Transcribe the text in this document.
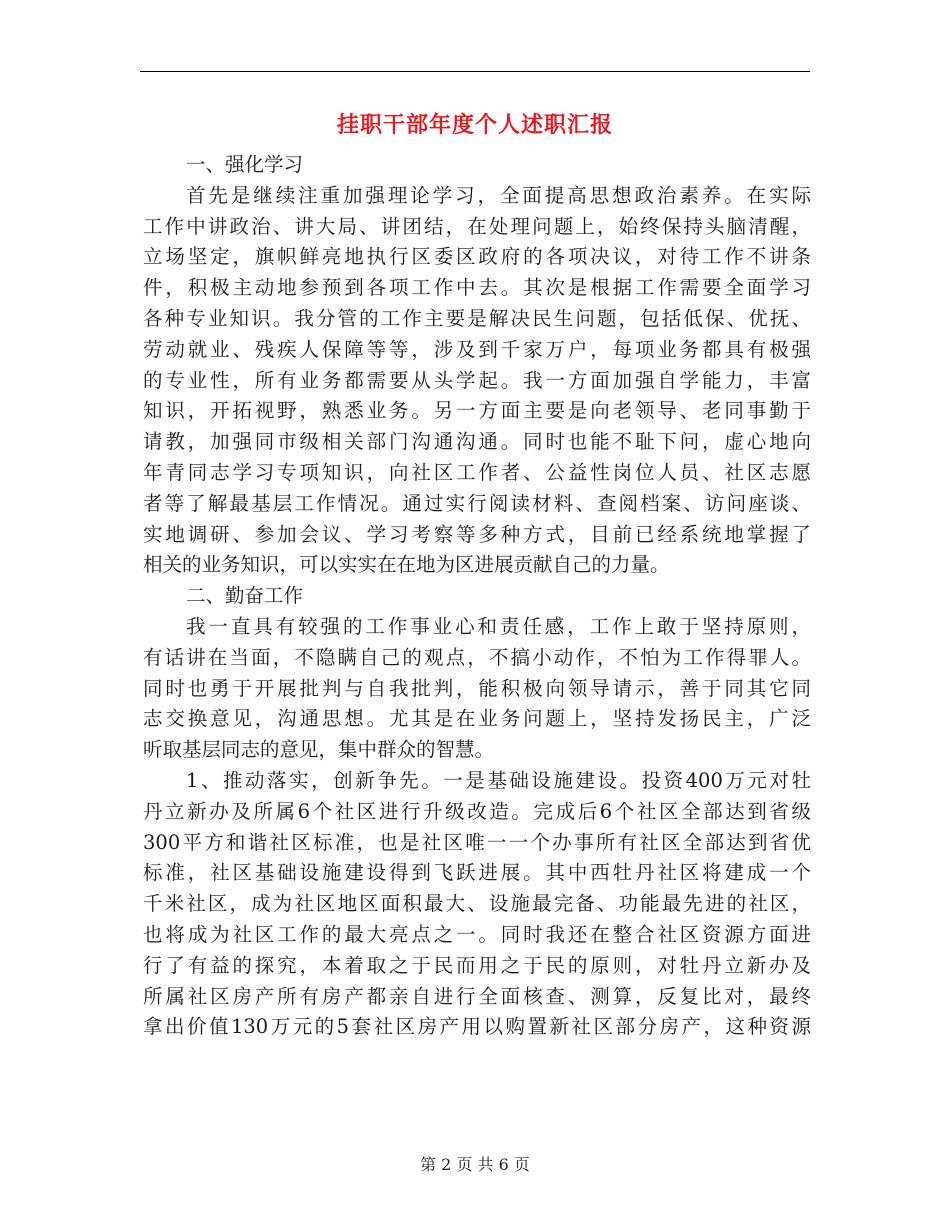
挂职干部年度个人述职汇报
一、强化学习
首先是继续注重加强理论学习，全面提高思想政治素养。在实际
工作中讲政治、讲大局、讲团结，在处理问题上，始终保持头脑清醒，
立场坚定，旗帜鲜亮地执行区委区政府的各项决议，对待工作不讲条
件，积极主动地参预到各项工作中去。其次是根据工作需要全面学习
各种专业知识。我分管的工作主要是解决民生问题，包括低保、优抚、
劳动就业、残疾人保障等等，涉及到千家万户，每项业务都具有极强
的专业性，所有业务都需要从头学起。我一方面加强自学能力，丰富
知识，开拓视野，熟悉业务。另一方面主要是向老领导、老同事勤于
请教，加强同市级相关部门沟通沟通。同时也能不耻下问，虚心地向
年青同志学习专项知识，向社区工作者、公益性岗位人员、社区志愿
者等了解最基层工作情况。通过实行阅读材料、查阅档案、访问座谈、
实地调研、参加会议、学习考察等多种方式，目前已经系统地掌握了
相关的业务知识，可以实实在在地为区进展贡献自己的力量。
二、勤奋工作
我一直具有较强的工作事业心和责任感，工作上敢于坚持原则，
有话讲在当面，不隐瞒自己的观点，不搞小动作，不怕为工作得罪人。
同时也勇于开展批判与自我批判，能积极向领导请示，善于同其它同
志交换意见，沟通思想。尤其是在业务问题上，坚持发扬民主，广泛
听取基层同志的意见，集中群众的智慧。
1、推动落实，创新争先。一是基础设施建设。投资400万元对牡
丹立新办及所属6个社区进行升级改造。完成后6个社区全部达到省级
300平方和谐社区标准，也是社区唯一一个办事所有社区全部达到省优
标准，社区基础设施建设得到飞跃进展。其中西牡丹社区将建成一个
千米社区，成为社区地区面积最大、设施最完备、功能最先进的社区，
也将成为社区工作的最大亮点之一。同时我还在整合社区资源方面进
行了有益的探究，本着取之于民而用之于民的原则，对牡丹立新办及
所属社区房产所有房产都亲自进行全面核查、测算，反复比对，最终
拿出价值130万元的5套社区房产用以购置新社区部分房产，这种资源
第 2 页 共 6 页
